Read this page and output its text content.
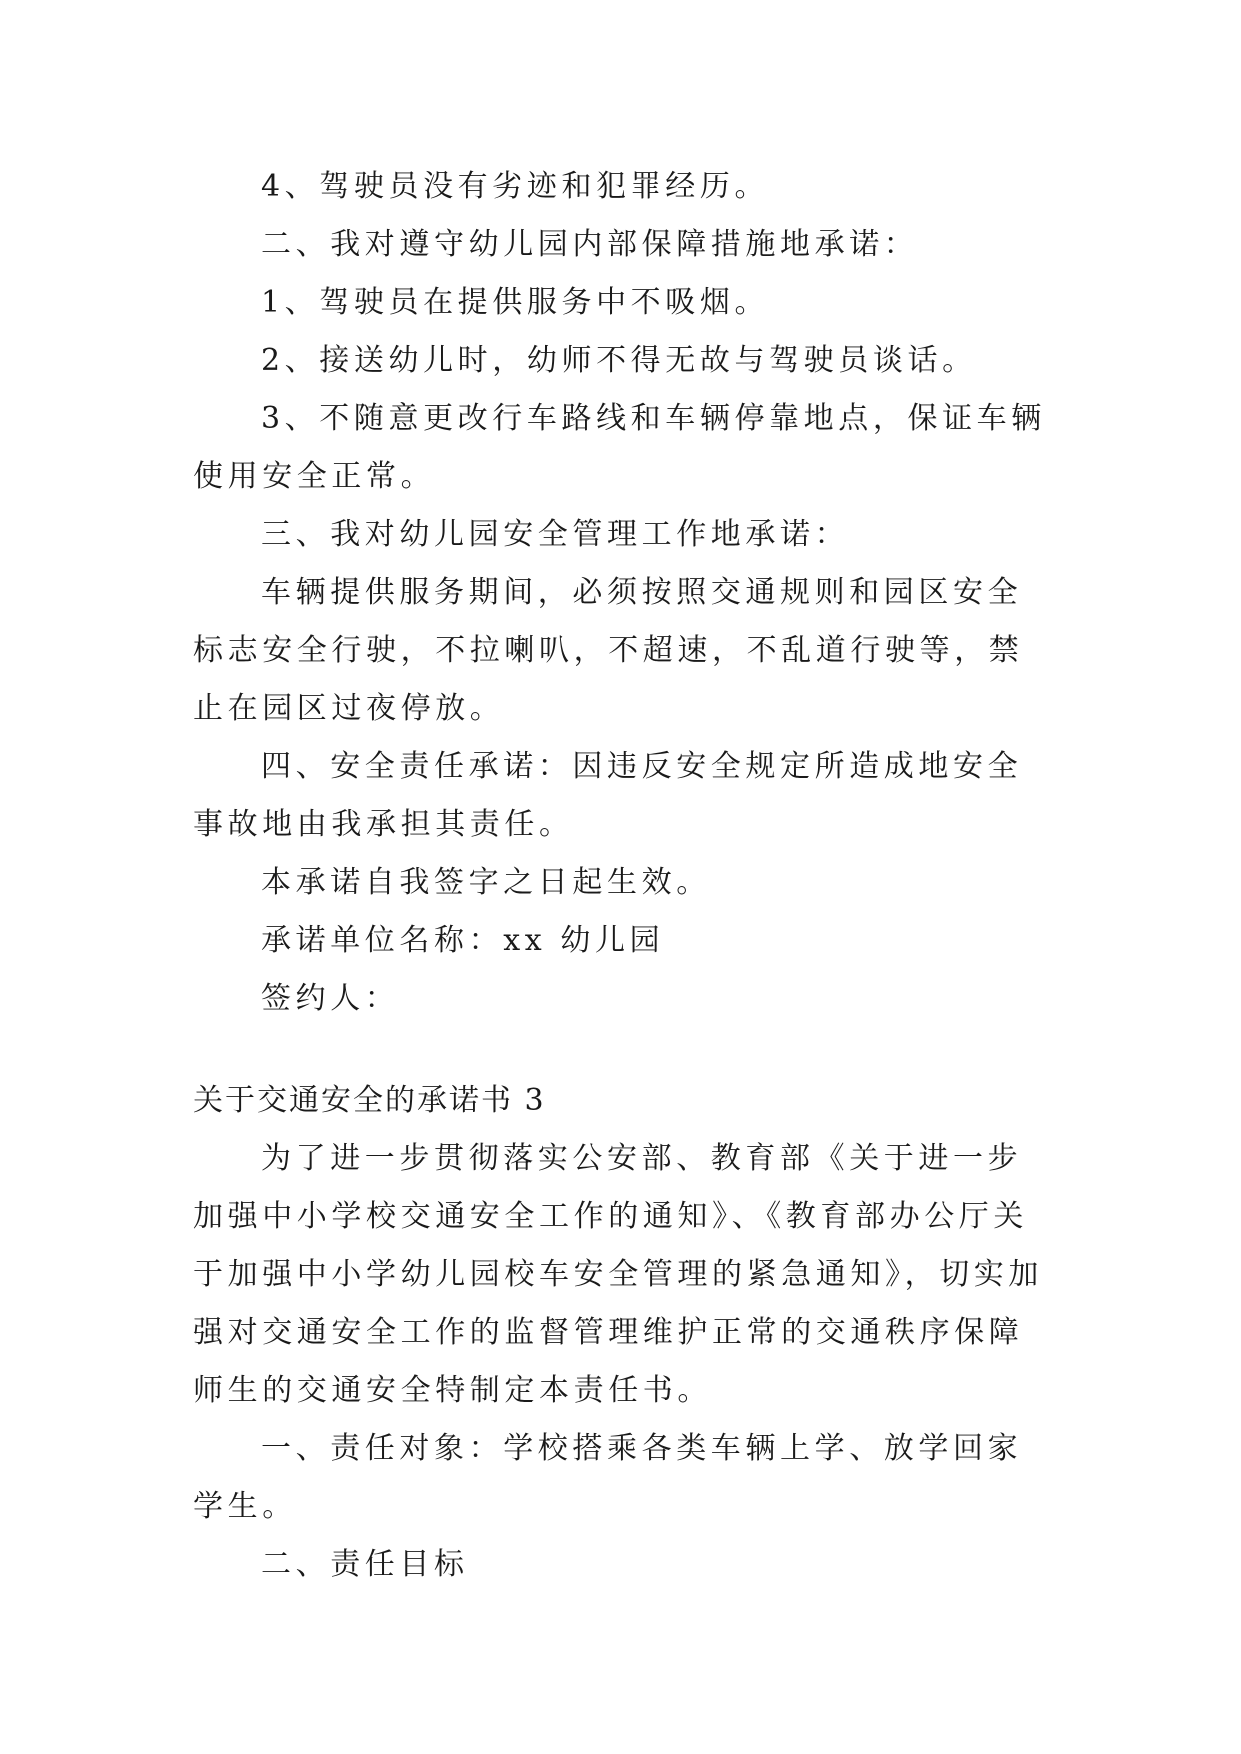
4、驾驶员没有劣迹和犯罪经历。

二、我对遵守幼儿园内部保障措施地承诺：

1、驾驶员在提供服务中不吸烟。

2、接送幼儿时，幼师不得无故与驾驶员谈话。

3、不随意更改行车路线和车辆停靠地点，保证车辆使用安全正常。

三、我对幼儿园安全管理工作地承诺：

车辆提供服务期间，必须按照交通规则和园区安全标志安全行驶，不拉喇叭，不超速，不乱道行驶等，禁止在园区过夜停放。

四、安全责任承诺：因违反安全规定所造成地安全事故地由我承担其责任。

本承诺自我签字之日起生效。

承诺单位名称：xx 幼儿园

签约人：

关于交通安全的承诺书 3

为了进一步贯彻落实公安部、教育部《关于进一步加强中小学校交通安全工作的通知》、《教育部办公厅关于加强中小学幼儿园校车安全管理的紧急通知》，切实加强对交通安全工作的监督管理维护正常的交通秩序保障师生的交通安全特制定本责任书。

一、责任对象：学校搭乘各类车辆上学、放学回家学生。

二、责任目标
